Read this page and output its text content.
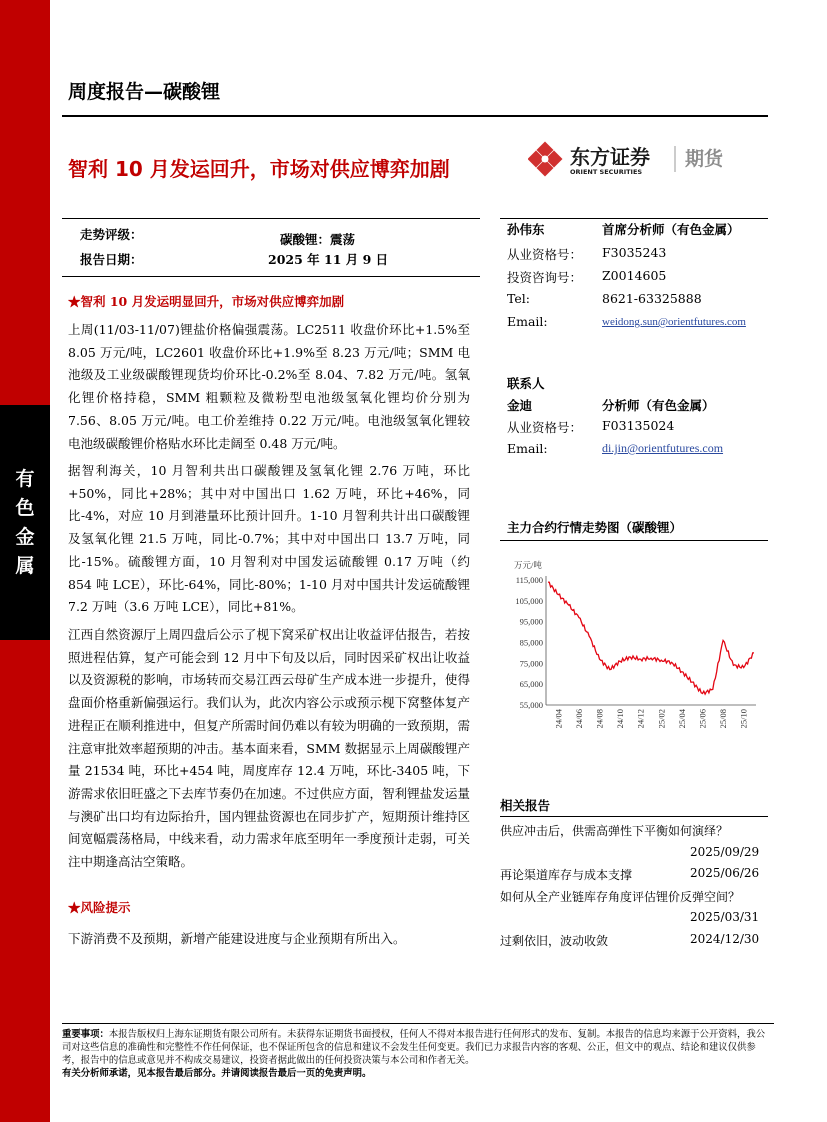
有
色
金
属
周度报告—碳酸锂
智利 10 月发运回升，市场对供应博弈加剧	东方证券
ORIENT SECURITIES
期货
走势评级：	碳酸锂：震荡
报告日期：	2025 年 11 月 9 日
★智利 10 月发运明显回升，市场对供应博弈加剧

上周(11/03-11/07)锂盐价格偏强震荡。LC2511 收盘价环比+1.5%至 8.05 万元/吨，LC2601 收盘价环比+1.9%至 8.23 万元/吨；SMM 电池级及工业级碳酸锂现货均价环比-0.2%至 8.04、7.82 万元/吨。氢氧化锂价格持稳，SMM 粗颗粒及微粉型电池级氢氧化锂均价分别为 7.56、8.05 万元/吨。电工价差维持 0.22 万元/吨。电池级氢氧化锂较电池级碳酸锂价格贴水环比走阔至 0.48 万元/吨。

据智利海关，10 月智利共出口碳酸锂及氢氧化锂 2.76 万吨，环比+50%，同比+28%；其中对中国出口 1.62 万吨，环比+46%，同比-4%，对应 10 月到港量环比预计回升。1-10 月智利共计出口碳酸锂及氢氧化锂 21.5 万吨，同比-0.7%；其中对中国出口 13.7 万吨，同比-15%。硫酸锂方面，10 月智利对中国发运硫酸锂 0.17 万吨（约 854 吨 LCE），环比-64%，同比-80%；1-10 月对中国共计发运硫酸锂 7.2 万吨（3.6 万吨 LCE），同比+81%。

江西自然资源厅上周四盘后公示了枧下窝采矿权出让收益评估报告，若按照进程估算，复产可能会到 12 月中下旬及以后，同时因采矿权出让收益以及资源税的影响，市场转而交易江西云母矿生产成本进一步提升，使得盘面价格重新偏强运行。我们认为，此次内容公示或预示枧下窝整体复产进程正在顺利推进中，但复产所需时间仍难以有较为明确的一致预期，需注意审批效率超预期的冲击。基本面来看，SMM 数据显示上周碳酸锂产量 21534 吨，环比+454 吨，周度库存 12.4 万吨，环比-3405 吨，下游需求依旧旺盛之下去库节奏仍在加速。不过供应方面，智利锂盐发运量与澳矿出口均有边际抬升，国内锂盐资源也在同步扩产，短期预计维持区间宽幅震荡格局，中线来看，动力需求年底至明年一季度预计走弱，可关注中期逢高沽空策略。

★风险提示

下游消费不及预期，新增产能建设进度与企业预期有所出入。

孙伟东	首席分析师（有色金属）
从业资格号： F3035243
投资咨询号： Z0014605
Tel:	8621-63325888
Email:	weidong.sun@orientfutures.com
联系人
金迪	分析师（有色金属）
从业资格号： F03135024
Email:	di.jin@orientfutures.com
主力合约行情走势图（碳酸锂）
万元/吨
55,000
65,000
75,000
85,000
95,000
105,000
115,000
24/04 24/06 24/08 24/10 24/12 25/02 25/04 25/06 25/08 25/10
相关报告
供应冲击后，供需高弹性下平衡如何演绎？
2025/09/29
再论渠道库存与成本支撑	2025/06/26
如何从全产业链库存角度评估锂价反弹空间？
2025/03/31
过剩依旧，波动收敛	2024/12/30

重要事项：本报告版权归上海东证期货有限公司所有。未获得东证期货书面授权，任何人不得对本报告进行任何形式的发布、复制。本报告的信息均来源于公开资料，我公司对这些信息的准确性和完整性不作任何保证，也不保证所包含的信息和建议不会发生任何变更。我们已力求报告内容的客观、公正，但文中的观点、结论和建议仅供参考，报告中的信息或意见并不构成交易建议，投资者据此做出的任何投资决策与本公司和作者无关。

有关分析师承诺，见本报告最后部分。并请阅读报告最后一页的免责声明。
